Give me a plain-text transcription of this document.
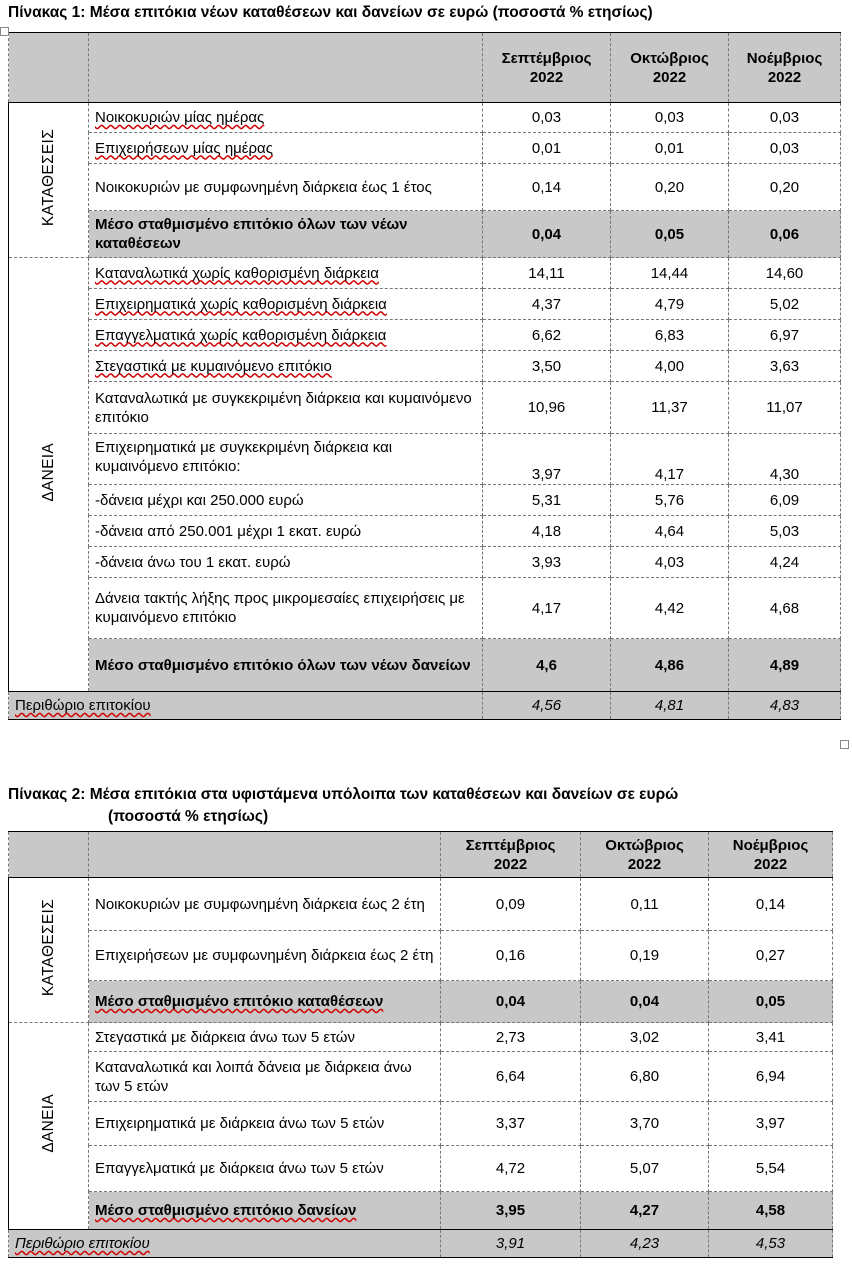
Πίνακας 1: Μέσα επιτόκια νέων καταθέσεων και δανείων σε ευρώ (ποσοστά % ετησίως)
		Σεπτέμβριος 2022	Οκτώβριος 2022	Νοέμβριος 2022
ΚΑΤΑΘΕΣΕΙΣ	Νοικοκυριών μίας ημέρας	0,03	0,03	0,03
	Επιχειρήσεων μίας ημέρας	0,01	0,01	0,03
	Νοικοκυριών με συμφωνημένη διάρκεια έως 1 έτος	0,14	0,20	0,20
	Μέσο σταθμισμένο επιτόκιο όλων των νέων καταθέσεων	0,04	0,05	0,06
ΔΑΝΕΙΑ	Καταναλωτικά χωρίς καθορισμένη διάρκεια	14,11	14,44	14,60
	Επιχειρηματικά χωρίς καθορισμένη διάρκεια	4,37	4,79	5,02
	Επαγγελματικά χωρίς καθορισμένη διάρκεια	6,62	6,83	6,97
	Στεγαστικά με κυμαινόμενο επιτόκιο	3,50	4,00	3,63
	Καταναλωτικά με συγκεκριμένη διάρκεια και κυμαινόμενο επιτόκιο	10,96	11,37	11,07
	Επιχειρηματικά με συγκεκριμένη διάρκεια και κυμαινόμενο επιτόκιο:	3,97	4,17	4,30
	-δάνεια μέχρι και 250.000 ευρώ	5,31	5,76	6,09
	-δάνεια από 250.001 μέχρι 1 εκατ. ευρώ	4,18	4,64	5,03
	-δάνεια άνω του 1 εκατ. ευρώ	3,93	4,03	4,24
	Δάνεια τακτής λήξης προς μικρομεσαίες επιχειρήσεις με κυμαινόμενο επιτόκιο	4,17	4,42	4,68
	Μέσο σταθμισμένο επιτόκιο όλων των νέων δανείων	4,6	4,86	4,89
Περιθώριο επιτοκίου		4,56	4,81	4,83
Πίνακας 2: Μέσα επιτόκια στα υφιστάμενα υπόλοιπα των καταθέσεων και δανείων σε ευρώ
(ποσοστά % ετησίως)
		Σεπτέμβριος 2022	Οκτώβριος 2022	Νοέμβριος 2022
ΚΑΤΑΘΕΣΕΙΣ	Νοικοκυριών με συμφωνημένη διάρκεια έως 2 έτη	0,09	0,11	0,14
	Επιχειρήσεων με συμφωνημένη διάρκεια έως 2 έτη	0,16	0,19	0,27
	Μέσο σταθμισμένο επιτόκιο καταθέσεων	0,04	0,04	0,05
ΔΑΝΕΙΑ	Στεγαστικά με διάρκεια άνω των 5 ετών	2,73	3,02	3,41
	Καταναλωτικά και λοιπά δάνεια με διάρκεια άνω των 5 ετών	6,64	6,80	6,94
	Επιχειρηματικά με διάρκεια άνω των 5 ετών	3,37	3,70	3,97
	Επαγγελματικά με διάρκεια άνω των 5 ετών	4,72	5,07	5,54
	Μέσο σταθμισμένο επιτόκιο δανείων	3,95	4,27	4,58
Περιθώριο επιτοκίου		3,91	4,23	4,53
